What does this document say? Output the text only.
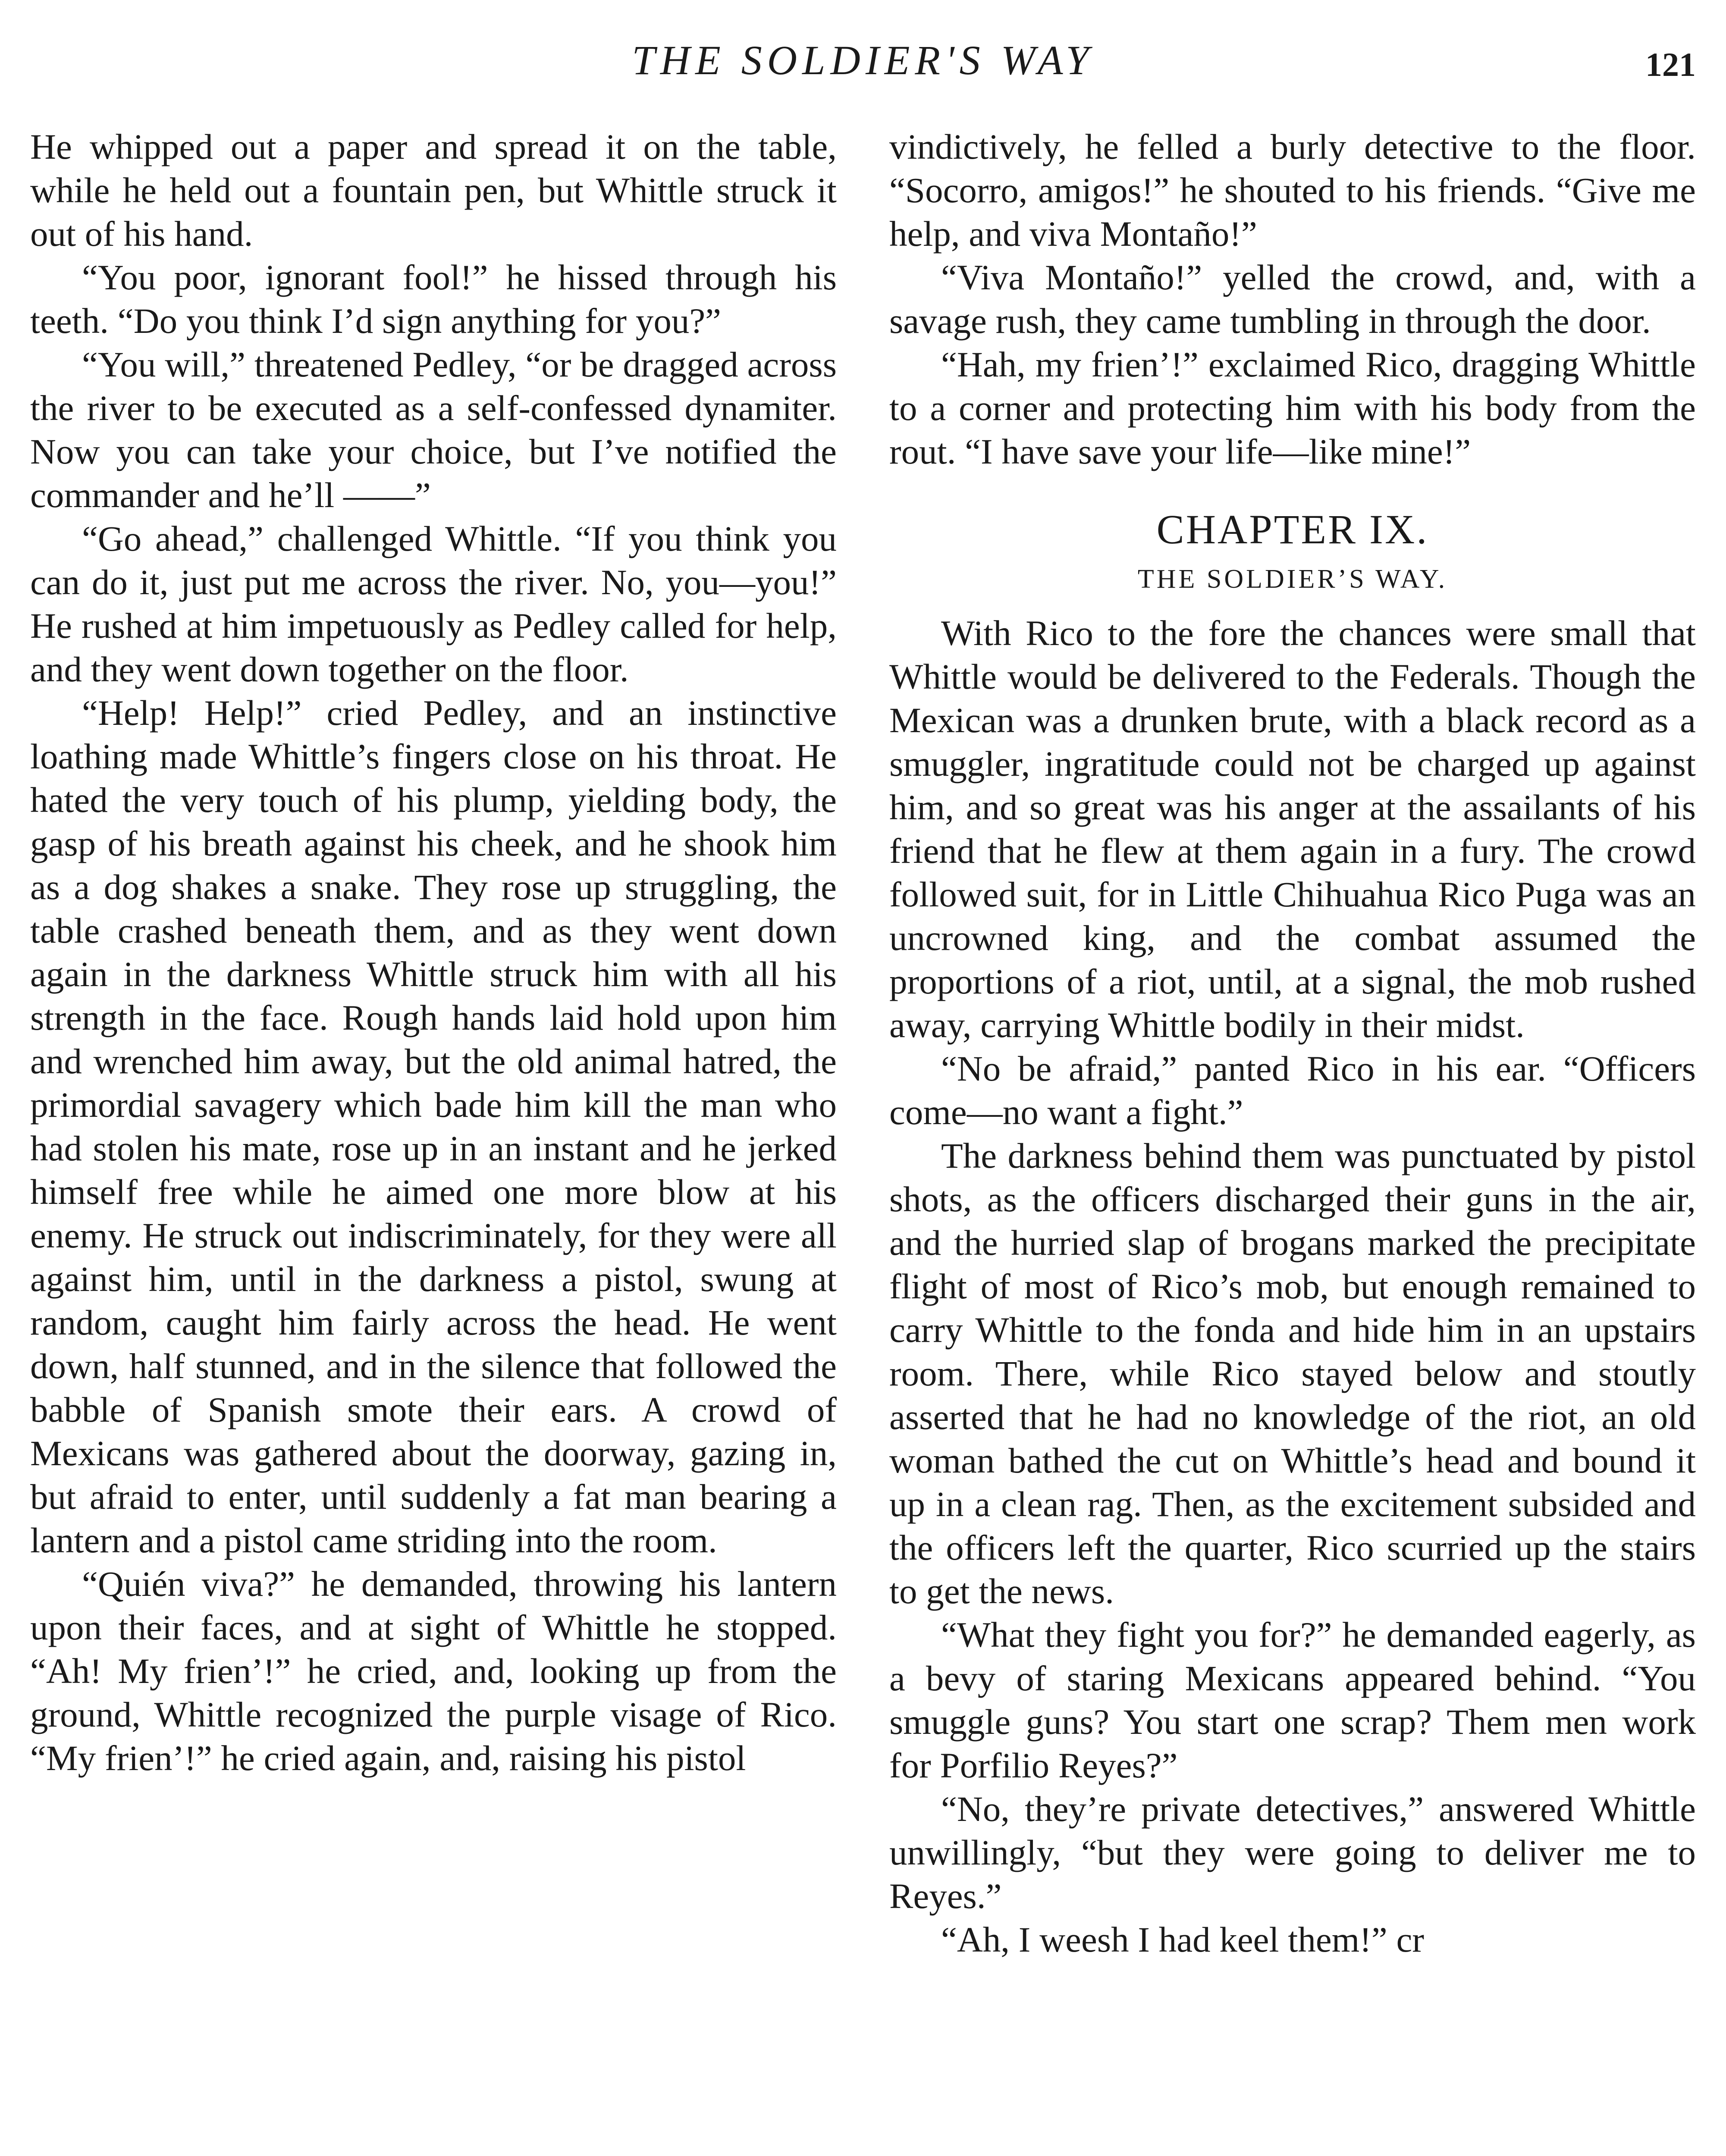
THE SOLDIER'S WAY	121

He whipped out a paper and spread it on the table, while he held out a fountain pen, but Whittle struck it out of his hand.

“You poor, ignorant fool!” he hissed through his teeth. “Do you think I’d sign anything for you?”

“You will,” threatened Pedley, “or be dragged across the river to be executed as a self-confessed dynamiter. Now you can take your choice, but I’ve notified the commander and he’ll ——”

“Go ahead,” challenged Whittle. “If you think you can do it, just put me across the river. No, you—you!” He rushed at him impetuously as Pedley called for help, and they went down together on the floor.

“Help! Help!” cried Pedley, and an instinctive loathing made Whittle’s fingers close on his throat. He hated the very touch of his plump, yielding body, the gasp of his breath against his cheek, and he shook him as a dog shakes a snake. They rose up struggling, the table crashed beneath them, and as they went down again in the darkness Whittle struck him with all his strength in the face. Rough hands laid hold upon him and wrenched him away, but the old animal hatred, the primordial savagery which bade him kill the man who had stolen his mate, rose up in an instant and he jerked himself free while he aimed one more blow at his enemy. He struck out indiscriminately, for they were all against him, until in the darkness a pistol, swung at random, caught him fairly across the head. He went down, half stunned, and in the silence that followed the babble of Spanish smote their ears. A crowd of Mexicans was gathered about the doorway, gazing in, but afraid to enter, until suddenly a fat man bearing a lantern and a pistol came striding into the room.

“Quién viva?” he demanded, throwing his lantern upon their faces, and at sight of Whittle he stopped. “Ah! My frien’!” he cried, and, looking up from the ground, Whittle recognized the purple visage of Rico. “My frien’!” he cried again, and, raising his pistol

vindictively, he felled a burly detective to the floor. “Socorro, amigos!” he shouted to his friends. “Give me help, and viva Montaño!”

“Viva Montaño!” yelled the crowd, and, with a savage rush, they came tumbling in through the door.

“Hah, my frien’!” exclaimed Rico, dragging Whittle to a corner and protecting him with his body from the rout. “I have save your life—like mine!”

CHAPTER IX.
THE SOLDIER’S WAY.

With Rico to the fore the chances were small that Whittle would be delivered to the Federals. Though the Mexican was a drunken brute, with a black record as a smuggler, ingratitude could not be charged up against him, and so great was his anger at the assailants of his friend that he flew at them again in a fury. The crowd followed suit, for in Little Chihuahua Rico Puga was an uncrowned king, and the combat assumed the proportions of a riot, until, at a signal, the mob rushed away, carrying Whittle bodily in their midst.

“No be afraid,” panted Rico in his ear. “Officers come—no want a fight.”

The darkness behind them was punctuated by pistol shots, as the officers discharged their guns in the air, and the hurried slap of brogans marked the precipitate flight of most of Rico’s mob, but enough remained to carry Whittle to the fonda and hide him in an upstairs room. There, while Rico stayed below and stoutly asserted that he had no knowledge of the riot, an old woman bathed the cut on Whittle’s head and bound it up in a clean rag. Then, as the excitement subsided and the officers left the quarter, Rico scurried up the stairs to get the news.

“What they fight you for?” he demanded eagerly, as a bevy of staring Mexicans appeared behind. “You smuggle guns? You start one scrap? Them men work for Porfilio Reyes?”

“No, they’re private detectives,” answered Whittle unwillingly, “but they were going to deliver me to Reyes.”

“Ah, I weesh I had keel them!” cr
